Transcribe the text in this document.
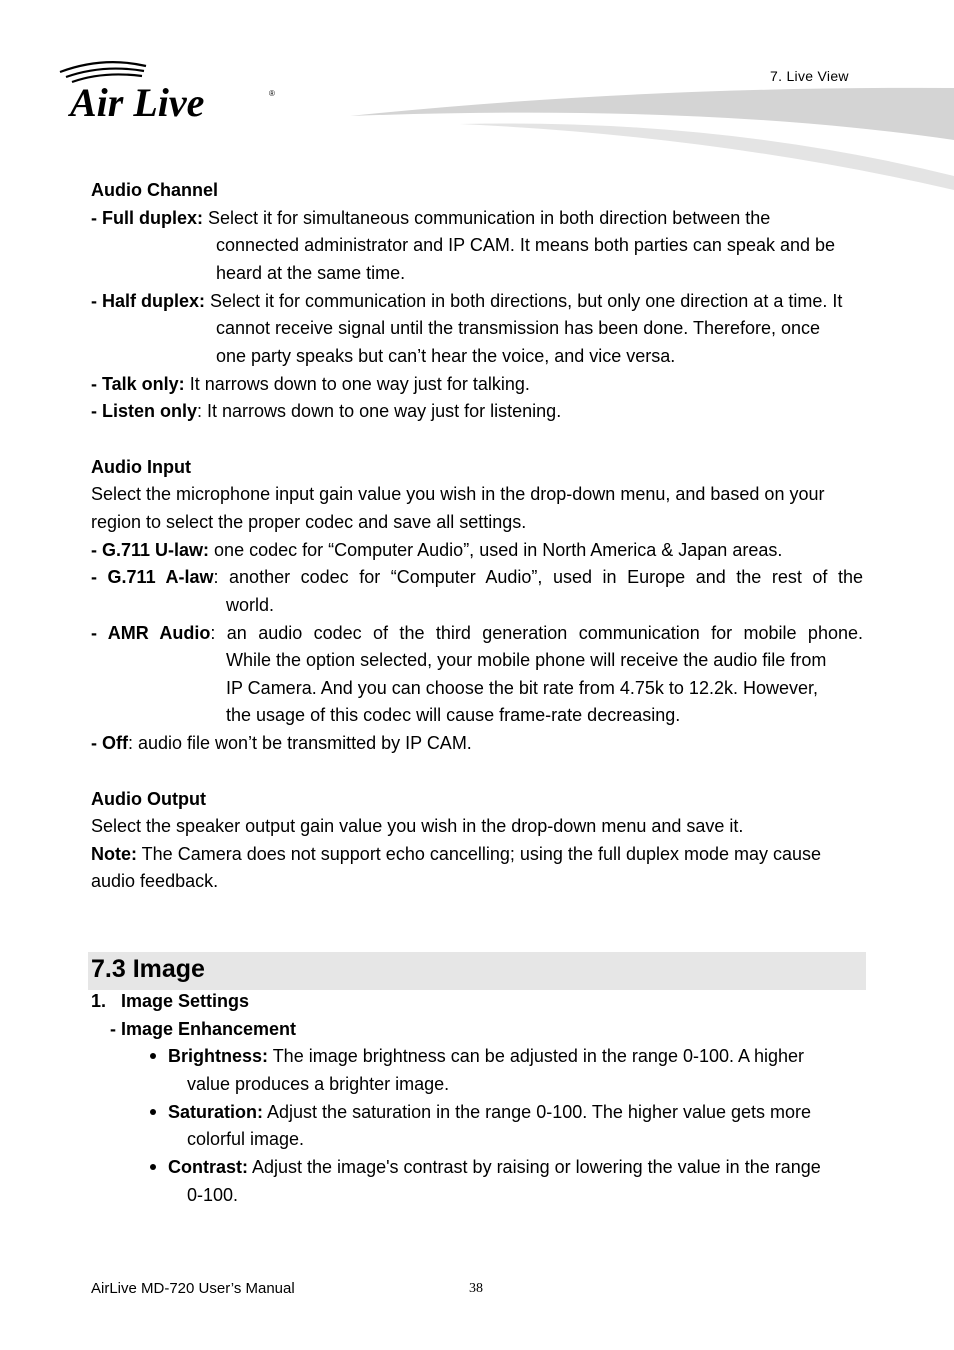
Air Live	®
7. Live View
Audio Channel
- Full duplex: Select it for simultaneous communication in both direction between the
connected administrator and IP CAM. It means both parties can speak and be
heard at the same time.
- Half duplex: Select it for communication in both directions, but only one direction at a time. It
cannot receive signal until the transmission has been done. Therefore, once
one party speaks but can’t hear the voice, and vice versa.
- Talk only: It narrows down to one way just for talking.
- Listen only: It narrows down to one way just for listening.
Audio Input
Select the microphone input gain value you wish in the drop-down menu, and based on your
region to select the proper codec and save all settings.
- G.711 U-law: one codec for “Computer Audio”, used in North America & Japan areas.
- G.711 A-law: another codec for “Computer Audio”, used in Europe and the rest of the
world.
- AMR Audio: an audio codec of the third generation communication for mobile phone.
While the option selected, your mobile phone will receive the audio file from
IP Camera. And you can choose the bit rate from 4.75k to 12.2k. However,
the usage of this codec will cause frame-rate decreasing.
- Off: audio file won’t be transmitted by IP CAM.
Audio Output
Select the speaker output gain value you wish in the drop-down menu and save it.
Note: The Camera does not support echo cancelling; using the full duplex mode may cause
audio feedback.
7.3 Image
1.   Image Settings
- Image Enhancement
Brightness: The image brightness can be adjusted in the range 0-100. A higher
value produces a brighter image.
Saturation: Adjust the saturation in the range 0-100. The higher value gets more
colorful image.
Contrast: Adjust the image's contrast by raising or lowering the value in the range
0-100.
AirLive MD-720 User’s Manual	38
